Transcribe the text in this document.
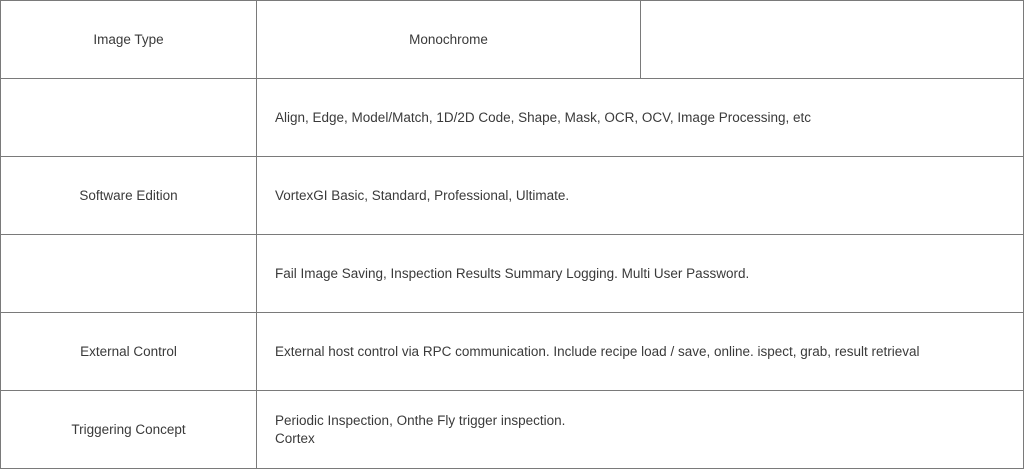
Image Type	Monochrome	
	Align, Edge, Model/Match, 1D/2D Code, Shape, Mask, OCR, OCV, Image Processing, etc	
Software Edition	VortexGI Basic, Standard, Professional, Ultimate.	
	Fail Image Saving, Inspection Results Summary Logging. Multi User Password.	
External Control	External host control via RPC communication. Include recipe load / save, online. ispect, grab, result retrieval	
Triggering Concept	Periodic Inspection, Onthe Fly trigger inspection.
Cortex	
